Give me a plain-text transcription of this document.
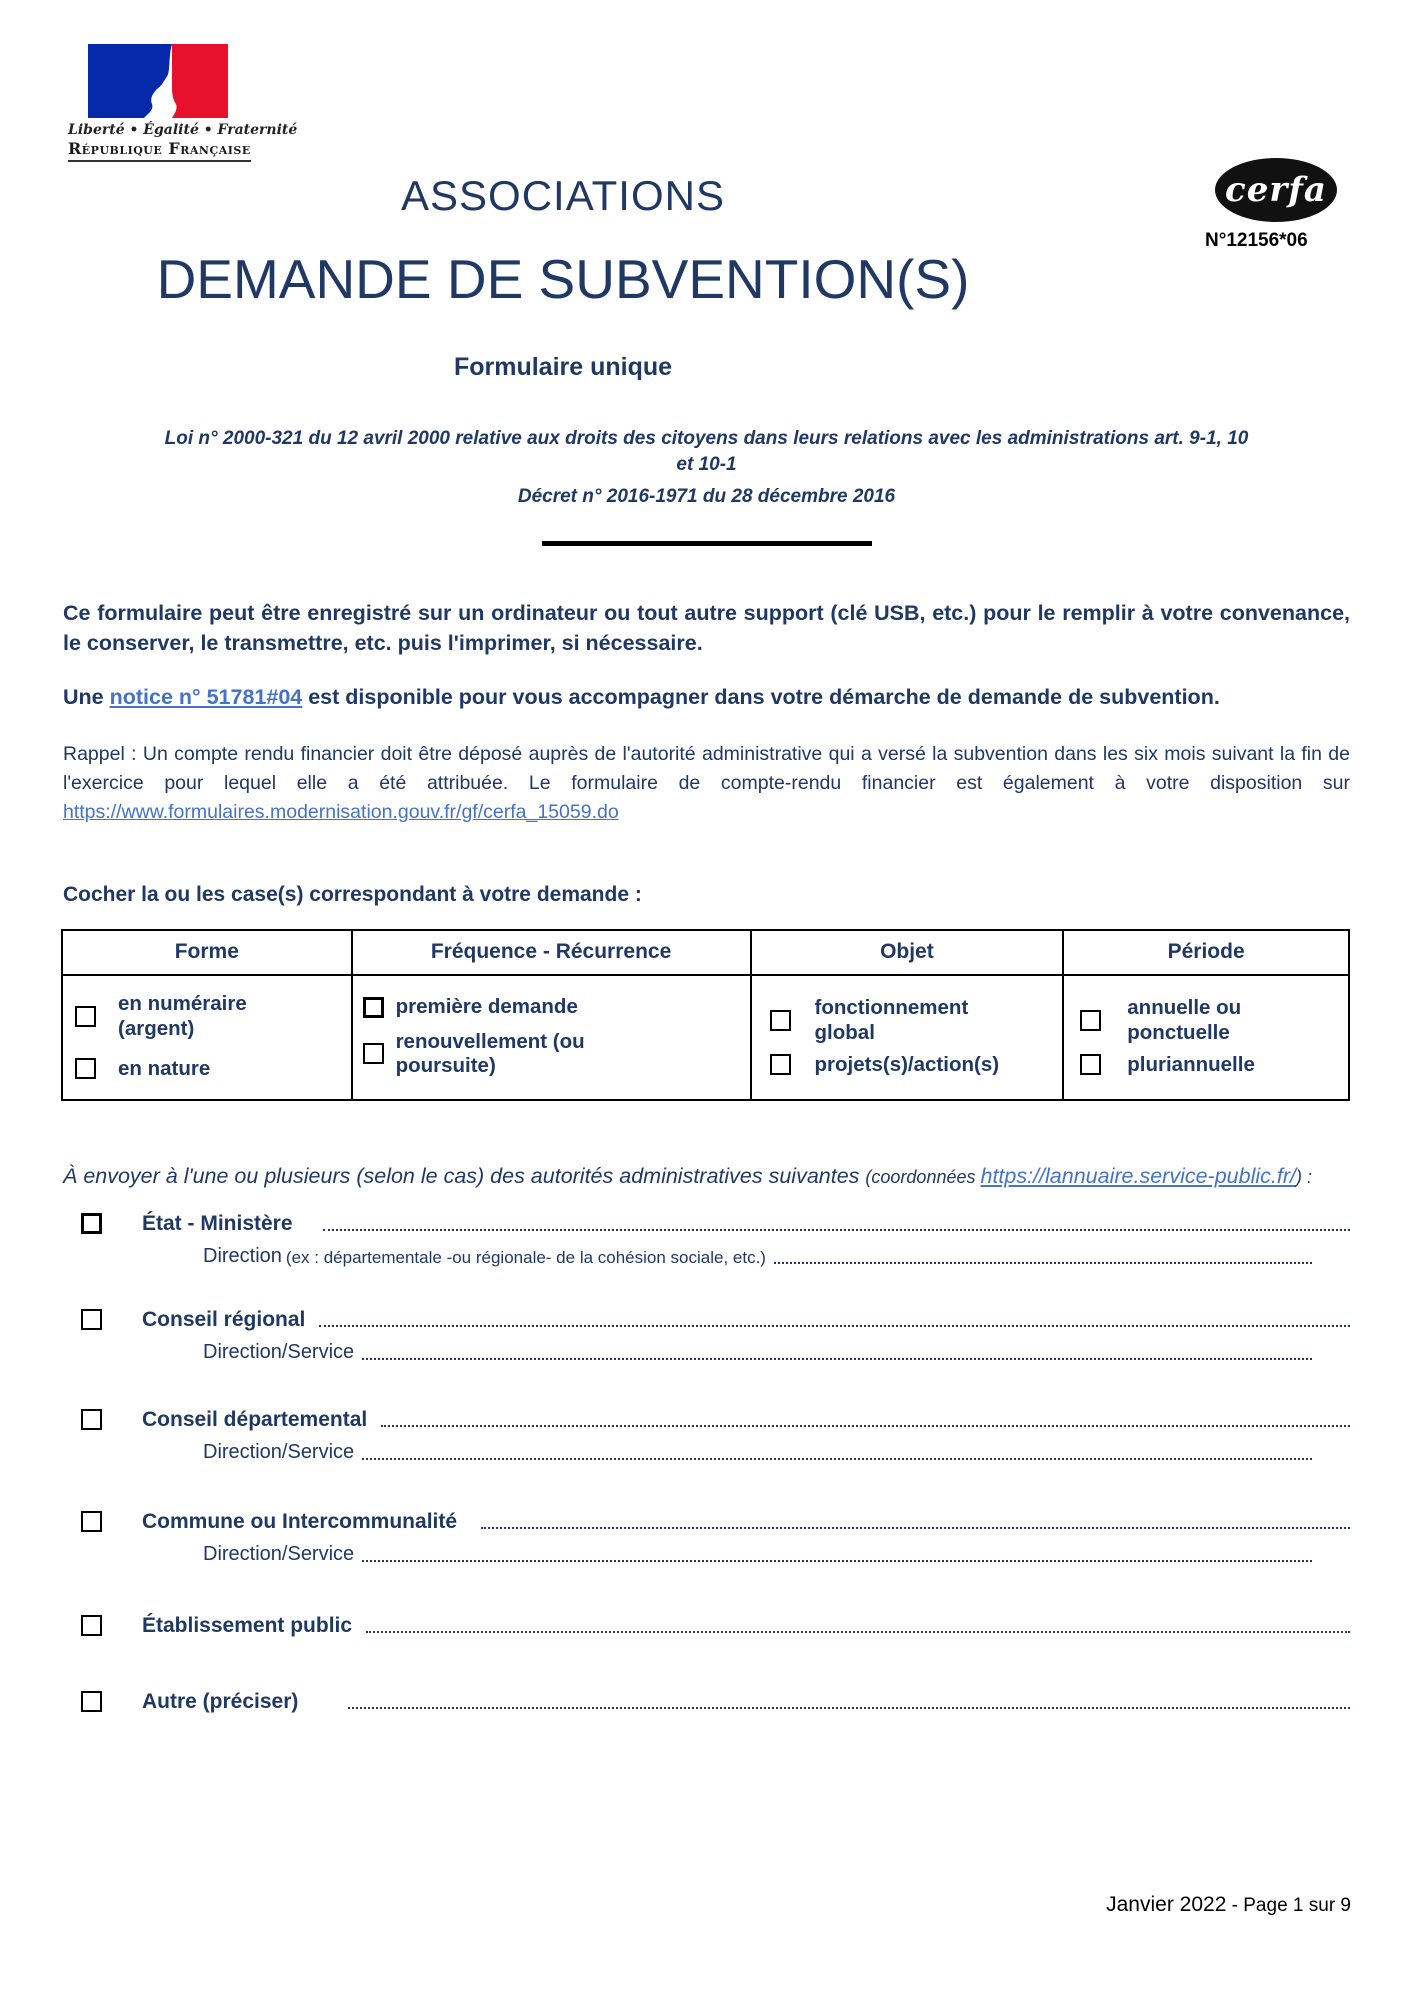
Liberté • Égalité • Fraternité
République Française
cerfa
N°12156*06
ASSOCIATIONS
DEMANDE DE SUBVENTION(S)
Formulaire unique
Loi n° 2000-321 du 12 avril 2000 relative aux droits des citoyens dans leurs relations avec les administrations art. 9-1, 10
et 10-1
Décret n° 2016-1971 du 28 décembre 2016

Ce formulaire peut être enregistré sur un ordinateur ou tout autre support (clé USB, etc.) pour le remplir à votre convenance, le conserver, le transmettre, etc. puis l'imprimer, si nécessaire.

Une notice n° 51781#04 est disponible pour vous accompagner dans votre démarche de demande de subvention.

Rappel : Un compte rendu financier doit être déposé auprès de l'autorité administrative qui a versé la subvention dans les six mois suivant la fin de l'exercice pour lequel elle a été attribuée. Le formulaire de compte-rendu financier est également à votre disposition sur https://www.formulaires.modernisation.gouv.fr/gf/cerfa_15059.do

Cocher la ou les case(s) correspondant à votre demande :
Forme	Fréquence - Récurrence	Objet	Période

en numéraire (argent)
en nature

première demande
renouvellement (ou poursuite)

fonctionnement global
projets(s)/action(s)

annuelle ou ponctuelle
pluriannuelle

À envoyer à l'une ou plusieurs (selon le cas) des autorités administratives suivantes (coordonnées https://lannuaire.service-public.fr/) :

État - Ministère
Direction (ex : départementale -ou régionale- de la cohésion sociale, etc.)
Conseil régional
Direction/Service
Conseil départemental
Direction/Service
Commune ou Intercommunalité
Direction/Service
Établissement public
Autre (préciser)
Janvier 2022 - Page 1 sur 9
